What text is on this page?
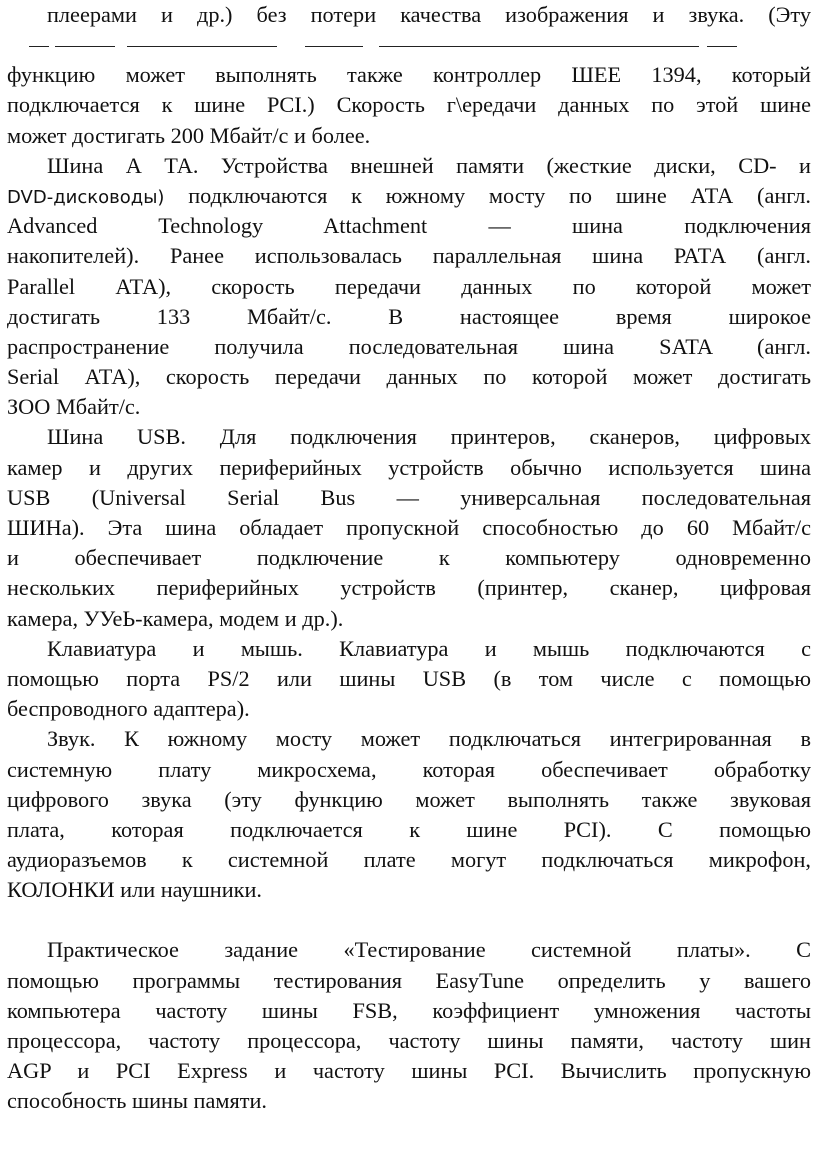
плеерами и др.) без потери качества изображения и звука. (Эту
функцию может выполнять также контроллер ШЕЕ 1394, который
подключается к шине PCI.) Скорость г\ередачи данных по этой шине
может достигать 200 Мбайт/с и более.
Шина А ТА. Устройства внешней памяти (жесткие диски, CD- и
DVD-дисководы) подключаются к южному мосту по шине АТА (англ.
Advanced Technology Attachment — шина подключения
накопителей). Ранее использовалась параллельная шина РАТА (англ.
Parallel АТА), скорость передачи данных по которой может
достигать 133 Мбайт/с. В настоящее время широкое
распространение получила последовательная шина SATA (англ.
Serial АТА), скорость передачи данных по которой может достигать
ЗОО Мбайт/с.
Шина USB. Для подключения принтеров, сканеров, цифровых
камер и других периферийных устройств обычно используется шина
USB (Universal Serial Bus — универсальная последовательная
ШИНа). Эта шина обладает пропускной способностью до 60 Мбайт/с
и обеспечивает подключение к компьютеру одновременно
нескольких периферийных устройств (принтер, сканер, цифровая
камера, УУеЬ-камера, модем и др.).
Клавиатура и мышь. Клавиатура и мышь подключаются с
помощью порта PS/2 или шины USB (в том числе с помощью
беспроводного адаптера).
Звук. К южному мосту может подключаться интегрированная в
системную плату микросхема, которая обеспечивает обработку
цифрового звука (эту функцию может выполнять также звуковая
плата, которая подключается к шине PCI). С помощью
аудиоразъемов к системной плате могут подключаться микрофон,
КОЛОНКИ или наушники.
Практическое задание «Тестирование системной платы». С
помощью программы тестирования EasyTune определить у вашего
компьютера частоту шины FSB, коэффициент умножения частоты
процессора, частоту процессора, частоту шины памяти, частоту шин
AGP и PCI Express и частоту шины PCI. Вычислить пропускную
способность шины памяти.
